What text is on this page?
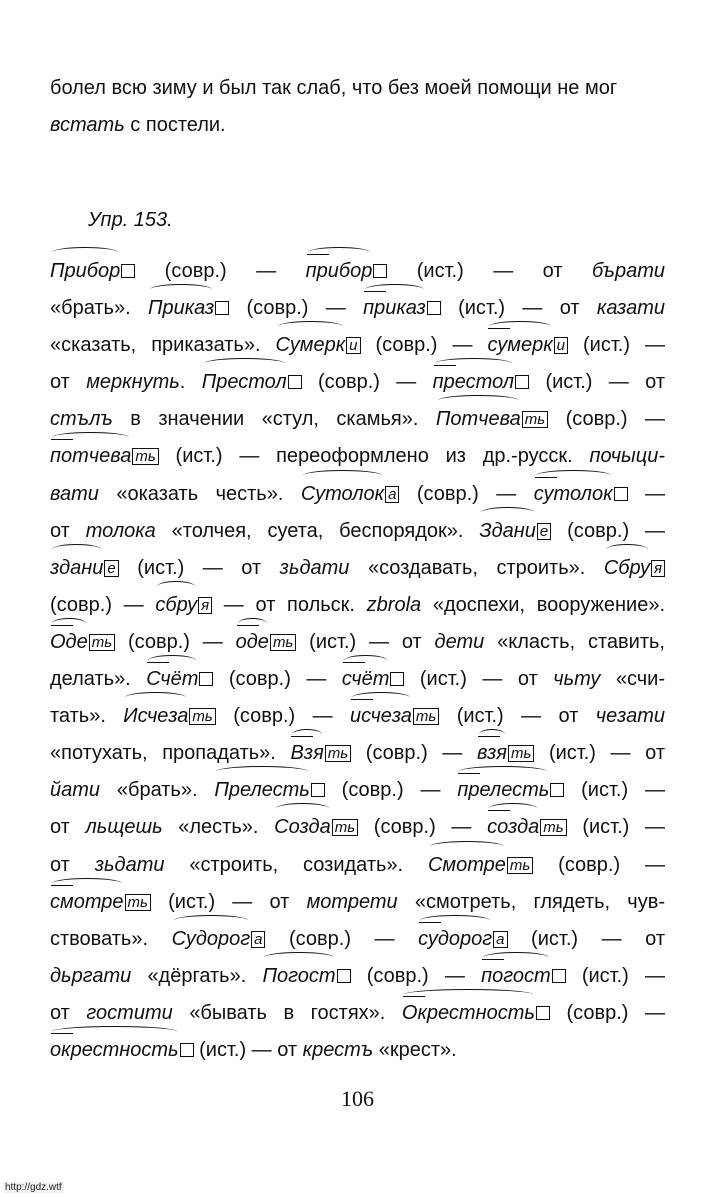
болел всю зиму и был так слаб, что без моей помощи не мог
встать с постели.
Упр. 153.
Прибор
(совр.) — прибор
(ист.) — от бърати
«брать». Приказ
(совр.) — приказ
(ист.) — от казати
«сказать, приказать». Сумерк и (совр.) — сумерк и (ист.) —
от меркнуть. Престол
(совр.) — престол
(ист.) — от
стълъ в значении «стул, скамья». Потчева ть (совр.) —
потчева ть (ист.) — переоформлено из др.-русск. почыци-
вати «оказать честь». Сутолок а (совр.) — сутолок
—
от толока «толчея, суета, беспорядок». Здани е (совр.) —
здани е (ист.) — от зьдати «создавать, строить». Сбру я
(совр.) — сбру я — от польск. zbrola «доспехи, вооружение».
Оде ть (совр.) — оде ть (ист.) — от дети «класть, ставить,
делать». Счёт
(совр.) — счёт
(ист.) — от чьту «счи-
тать». Исчеза ть (совр.) — исчеза ть (ист.) — от чезати
«потухать, пропадать». Взя ть (совр.) — взя ть (ист.) — от
йати «брать». Прелесть
(совр.) — прелесть
(ист.) —
от льщешь «лесть». Созда ть (совр.) — созда ть (ист.) —
от зьдати «строить, созидать». Смотре ть (совр.) —
смотре ть (ист.) — от мотрети «смотреть, глядеть, чув-
ствовать». Судорог а (совр.) — судорог а (ист.) — от
дьргати «дёргать». Погост
(совр.) — погост
(ист.) —
от гостити «бывать в гостях». Окрестность
(совр.) —
окрестность
(ист.) — от крестъ «крест».
106
http://gdz.wtf
